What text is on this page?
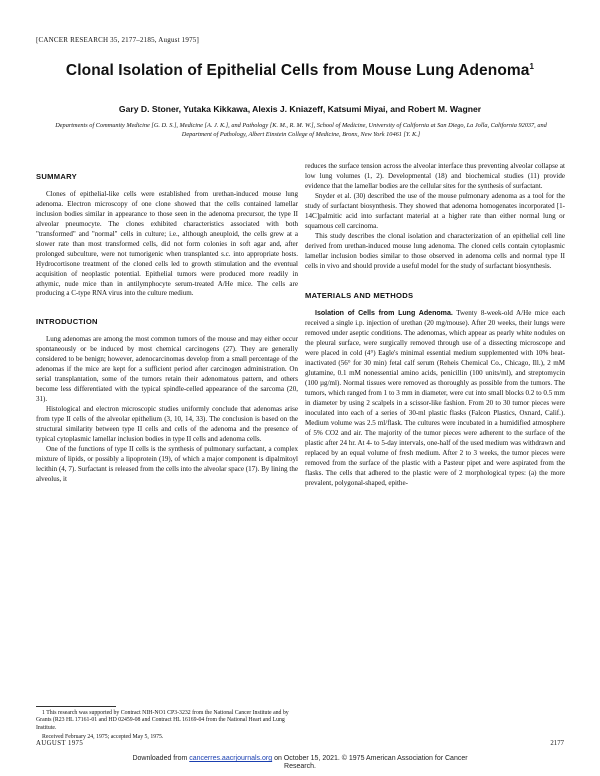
[CANCER RESEARCH 35, 2177–2185, August 1975]
Clonal Isolation of Epithelial Cells from Mouse Lung Adenoma$^1$
Gary D. Stoner, Yutaka Kikkawa, Alexis J. Kniazeff, Katsumi Miyai, and Robert M. Wagner
Departments of Community Medicine [G. D. S.], Medicine [A. J. K.], and Pathology [K. M., R. M. W.], School of Medicine, University of California at San Diego, La Jolla, California 92037, and Department of Pathology, Albert Einstein College of Medicine, Bronx, New York 10461 [Y. K.]
SUMMARY

Clones of epithelial-like cells were established from urethan-induced mouse lung adenoma. Electron microscopy of one clone showed that the cells contained lamellar inclusion bodies similar in appearance to those seen in the adenoma precursor, the type II alveolar pneumocyte. The clones exhibited characteristics associated with both "transformed" and "normal" cells in culture; i.e., although aneuploid, the cells grew at a slower rate than most transformed cells, did not form colonies in soft agar and, after prolonged subculture, were not tumorigenic when transplanted s.c. into appropriate hosts. Hydrocortisone treatment of the cloned cells led to growth stimulation and the eventual acquisition of neoplastic potential. Epithelial tumors were produced more readily in athymic, nude mice than in antilymphocyte serum-treated A/He mice. The cells are producing a C-type RNA virus into the culture medium.

INTRODUCTION

Lung adenomas are among the most common tumors of the mouse and may either occur spontaneously or be induced by most chemical carcinogens (27). They are generally considered to be benign; however, adenocarcinomas develop from a small percentage of the adenomas if the mice are kept for a sufficient period after carcinogen administration. On serial transplantation, some of the tumors retain their adenomatous pattern, and others become less differentiated with the typical spindle-celled appearance of the sarcoma (20, 31).

Histological and electron microscopic studies uniformly conclude that adenomas arise from type II cells of the alveolar epithelium (3, 10, 14, 33). The conclusion is based on the structural similarity between type II cells and cells of the adenoma and the presence of typical cytoplasmic lamellar inclusion bodies in type II cells and adenoma cells.

One of the functions of type II cells is the synthesis of pulmonary surfactant, a complex mixture of lipids, or possibly a lipoprotein (19), of which a major component is dipalmitoyl lecithin (4, 7). Surfactant is released from the cells into the alveolar space (17). By lining the alveolus, it

reduces the surface tension across the alveolar interface thus preventing alveolar collapse at low lung volumes (1, 2). Developmental (18) and biochemical studies (11) provide evidence that the lamellar bodies are the cellular sites for the synthesis of surfactant.

Snyder et al. (30) described the use of the mouse pulmonary adenoma as a tool for the study of surfactant biosynthesis. They showed that adenoma homogenates incorporated [1-14C]palmitic acid into surfactant material at a higher rate than either normal lung or squamous cell carcinoma.

This study describes the clonal isolation and characterization of an epithelial cell line derived from urethan-induced mouse lung adenoma. The cloned cells contain cytoplasmic lamellar inclusion bodies similar to those observed in adenoma cells and normal type II cells in vivo and should provide a useful model for the study of surfactant biosynthesis.

MATERIALS AND METHODS

Isolation of Cells from Lung Adenoma. Twenty 8-week-old A/He mice each received a single i.p. injection of urethan (20 mg/mouse). After 20 weeks, their lungs were removed under aseptic conditions. The adenomas, which appear as pearly white nodules on the pleural surface, were surgically removed through use of a dissecting microscope and were placed in cold (4°) Eagle's minimal essential medium supplemented with 10% heat-inactivated (56° for 30 min) fetal calf serum (Reheis Chemical Co., Chicago, Ill.), 2 mM glutamine, 0.1 mM nonessential amino acids, penicillin (100 units/ml), and streptomycin (100 µg/ml). Normal tissues were removed as thoroughly as possible from the tumors. The tumors, which ranged from 1 to 3 mm in diameter, were cut into small blocks 0.2 to 0.5 mm in diameter by using 2 scalpels in a scissor-like fashion. From 20 to 30 tumor pieces were inoculated into each of a series of 30-ml plastic flasks (Falcon Plastics, Oxnard, Calif.). Medium volume was 2.5 ml/flask. The cultures were incubated in a humidified atmosphere of 5% CO2 and air. The majority of the tumor pieces were adherent to the surface of the plastic after 24 hr. At 4- to 5-day intervals, one-half of the used medium was withdrawn and replaced by an equal volume of fresh medium. After 2 to 3 weeks, the tumor pieces were removed from the surface of the plastic with a Pasteur pipet and were aspirated from the flasks. The cells that adhered to the plastic were of 2 morphological types: (a) the more prevalent, polygonal-shaped, epithe-

1 This research was supported by Contract NIH-NO1 CP3-3232 from the National Cancer Institute and by Grants (R23 HL 17161-01 and HD 02459-08 and Contract HL 16169-04 from the National Heart and Lung Institute.

Received February 24, 1975; accepted May 5, 1975.

AUGUST 1975	2177
Downloaded from cancerres.aacrjournals.org on October 15, 2021. © 1975 American Association for Cancer
Research.
